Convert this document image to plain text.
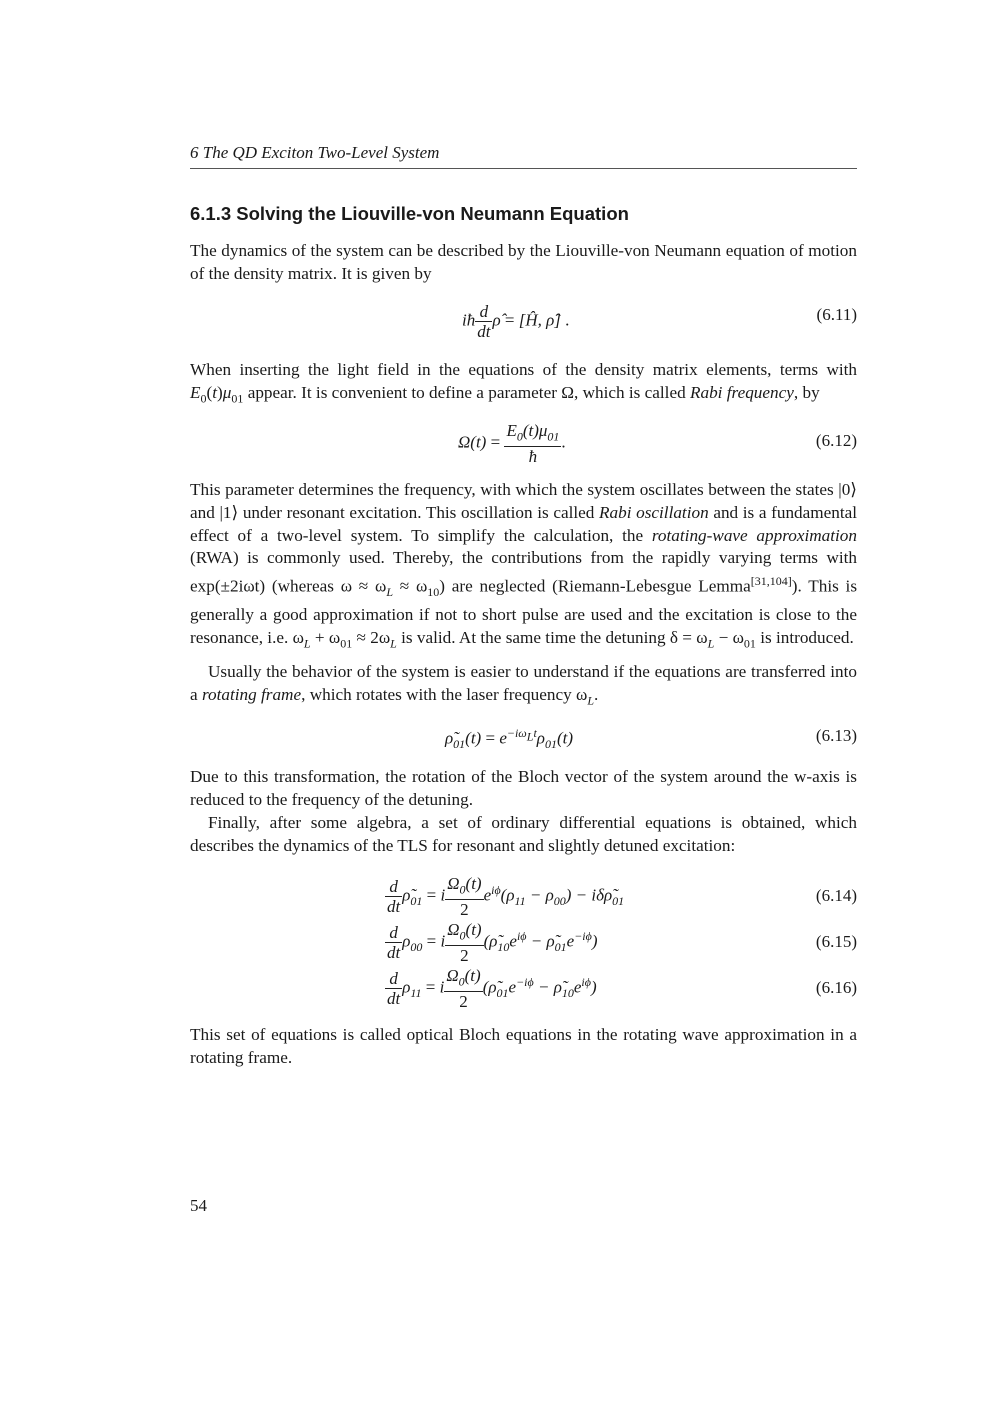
6 The QD Exciton Two-Level System
6.1.3 Solving the Liouville-von Neumann Equation
The dynamics of the system can be described by the Liouville-von Neumann equation of motion of the density matrix. It is given by
iħ $\frac{d}{dt}$ ρ̂ = [Ĥ, ρ̂] .	(6.11)
When inserting the light field in the equations of the density matrix elements, terms with $E_0(t)\mu_{01}$ appear. It is convenient to define a parameter Ω, which is called Rabi frequency, by
$\Omega(t) = \frac{E_0(t)\mu_{01}}{ħ}$ .	(6.12)
This parameter determines the frequency, with which the system oscillates between the states |0⟩ and |1⟩ under resonant excitation. This oscillation is called Rabi oscillation and is a fundamental effect of a two-level system. To simplify the calculation, the rotating-wave approximation (RWA) is commonly used. Thereby, the contributions from the rapidly varying terms with exp(±2iωt) (whereas $\omega \approx \omega_L \approx \omega_{10}$) are neglected (Riemann-Lebesgue Lemma[31,104]). This is generally a good approximation if not to short pulse are used and the excitation is close to the resonance, i.e. $\omega_L + \omega_{01} \approx 2\omega_L$ is valid. At the same time the detuning $\delta = \omega_L - \omega_{01}$ is introduced.
Usually the behavior of the system is easier to understand if the equations are transferred into a rotating frame, which rotates with the laser frequency $\omega_L$.
$\rhõ_{01}(t) = e^{-i\omega_Lt}\rho_{01}(t)$	(6.13)
Due to this transformation, the rotation of the Bloch vector of the system around the w-axis is reduced to the frequency of the detuning.
Finally, after some algebra, a set of ordinary differential equations is obtained, which describes the dynamics of the TLS for resonant and slightly detuned excitation:
$\frac{d}{dt}$ $\rhõ_{01} = i \frac{\Omega_0(t)}{2} e^{i\phi}(\rho_{11} - \rho_{00})$ − $i\delta\rhõ_{01}$	(6.14)
$\frac{d}{dt} \rho_{00} = i \frac{\Omega_0(t)}{2}$ ($\rhõ_{10}e^{i\phi}$ − $\rhõ_{01}e^{-i\phi}$)	(6.15)
$\frac{d}{dt} \rho_{11} = i \frac{\Omega_0(t)}{2}$ ($\rhõ_{01}e^{-i\phi}$ − $\rhõ_{10}e^{i\phi}$)	(6.16)
This set of equations is called optical Bloch equations in the rotating wave approximation in a rotating frame.
54
